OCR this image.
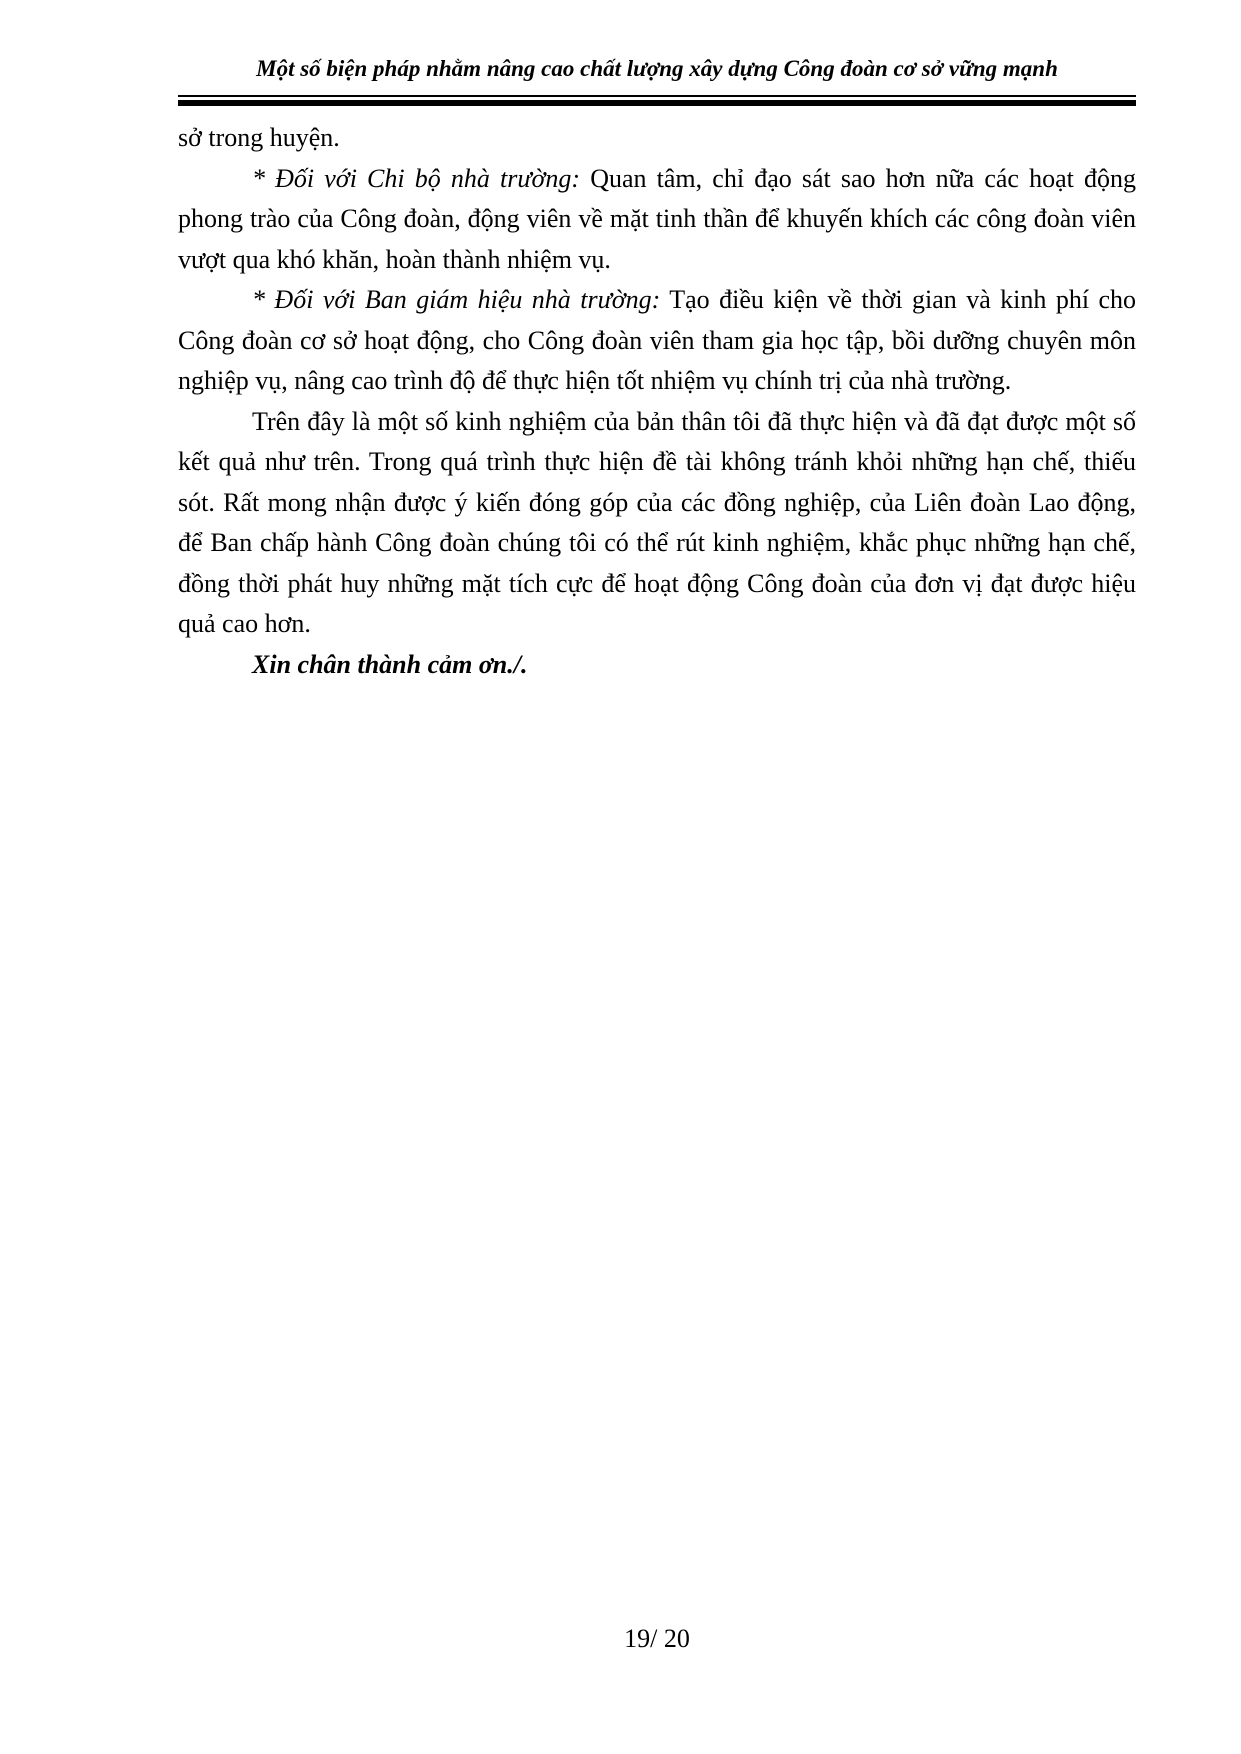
Một số biện pháp nhằm nâng cao chất lượng xây dựng Công đoàn cơ sở vững mạnh

sở trong huyện.

* Đối với Chi bộ nhà trường: Quan tâm, chỉ đạo sát sao hơn nữa các hoạt động phong trào của Công đoàn, động viên về mặt tinh thần để khuyến khích các công đoàn viên vượt qua khó khăn, hoàn thành nhiệm vụ.

* Đối với Ban giám hiệu nhà trường: Tạo điều kiện về thời gian và kinh phí cho Công đoàn cơ sở hoạt động, cho Công đoàn viên tham gia học tập, bồi dưỡng chuyên môn nghiệp vụ, nâng cao trình độ để thực hiện tốt nhiệm vụ chính trị của nhà trường.

Trên đây là một số kinh nghiệm của bản thân tôi đã thực hiện và đã đạt được một số kết quả như trên. Trong quá trình thực hiện đề tài không tránh khỏi những hạn chế, thiếu sót. Rất mong nhận được ý kiến đóng góp của các đồng nghiệp, của Liên đoàn Lao động, để Ban chấp hành Công đoàn chúng tôi có thể rút kinh nghiệm, khắc phục những hạn chế, đồng thời phát huy những mặt tích cực để hoạt động Công đoàn của đơn vị đạt được hiệu quả cao hơn.

Xin chân thành cảm ơn./.

19/ 20
